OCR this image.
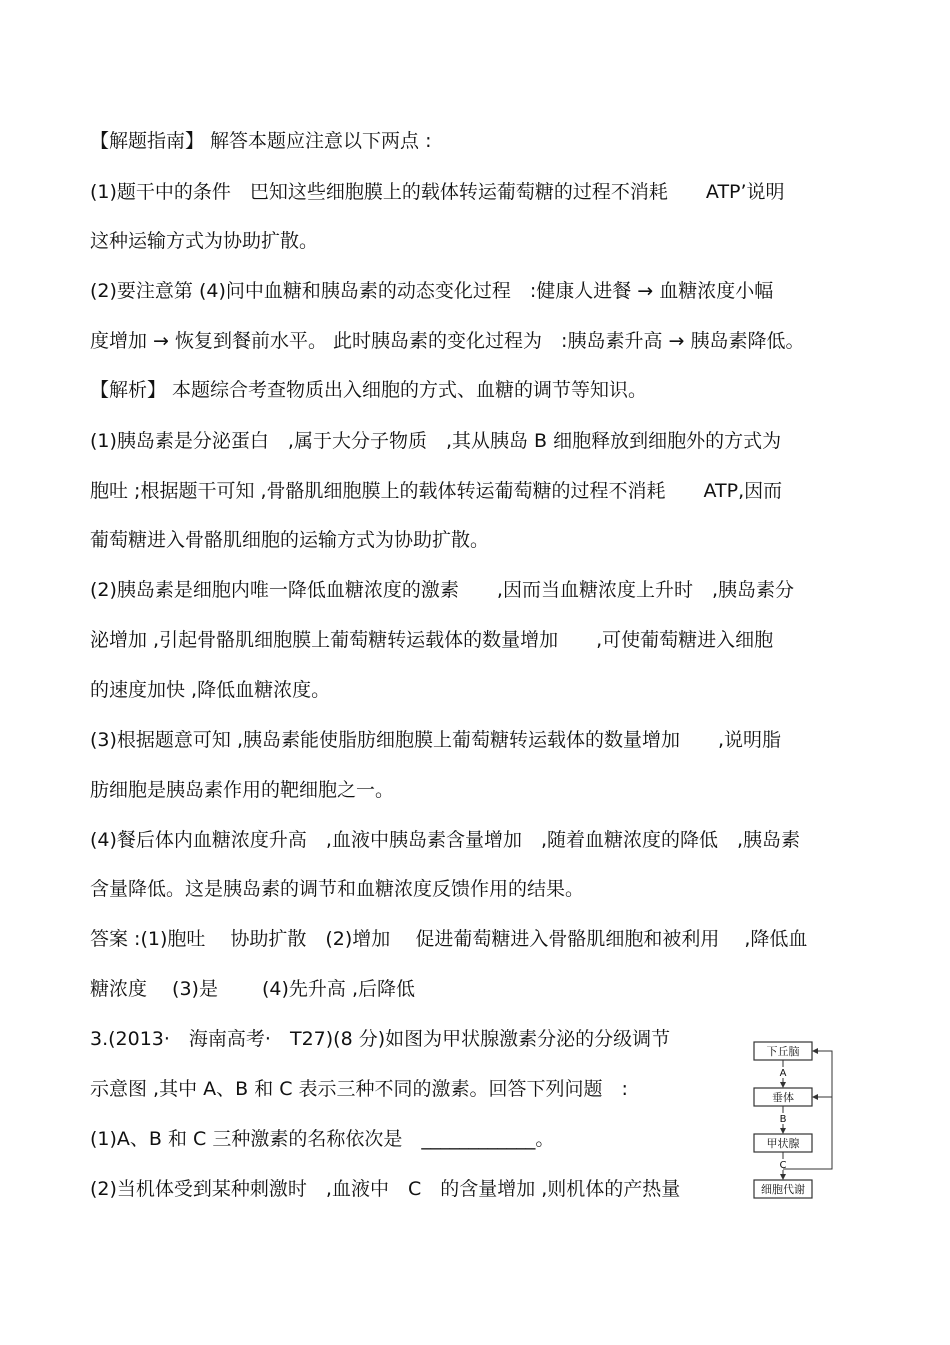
【解题指南】 解答本题应注意以下两点 :

(1)题干中的条件　巴知这些细胞膜上的载体转运葡萄糖的过程不消耗　　ATP’说明

这种运输方式为协助扩散。

(2)要注意第 (4)问中血糖和胰岛素的动态变化过程　:健康人进餐 → 血糖浓度小幅

度增加 → 恢复到餐前水平。 此时胰岛素的变化过程为　:胰岛素升高 → 胰岛素降低。

【解析】 本题综合考查物质出入细胞的方式、血糖的调节等知识。

(1)胰岛素是分泌蛋白　,属于大分子物质　,其从胰岛 B 细胞释放到细胞外的方式为

胞吐 ;根据题干可知 ,骨骼肌细胞膜上的载体转运葡萄糖的过程不消耗　　ATP,因而

葡萄糖进入骨骼肌细胞的运输方式为协助扩散。

(2)胰岛素是细胞内唯一降低血糖浓度的激素　　,因而当血糖浓度上升时　,胰岛素分

泌增加 ,引起骨骼肌细胞膜上葡萄糖转运载体的数量增加　　,可使葡萄糖进入细胞

的速度加快 ,降低血糖浓度。

(3)根据题意可知 ,胰岛素能使脂肪细胞膜上葡萄糖转运载体的数量增加　　,说明脂

肪细胞是胰岛素作用的靶细胞之一。

(4)餐后体内血糖浓度升高　,血液中胰岛素含量增加　,随着血糖浓度的降低　,胰岛素

含量降低。这是胰岛素的调节和血糖浓度反馈作用的结果。

答案 :(1)胞吐　 协助扩散　(2)增加　 促进葡萄糖进入骨骼肌细胞和被利用　 ,降低血

糖浓度　 (3)是　　 (4)先升高 ,后降低

3.(2013·　海南高考·　T27)(8 分)如图为甲状腺激素分泌的分级调节

示意图 ,其中 A、B 和 C 表示三种不同的激素。回答下列问题　:

(1)A、B 和 C 三种激素的名称依次是　____________。

(2)当机体受到某种刺激时　,血液中　C　的含量增加 ,则机体的产热量

下丘脑
垂体
甲状腺
细胞代谢
A
B
C
